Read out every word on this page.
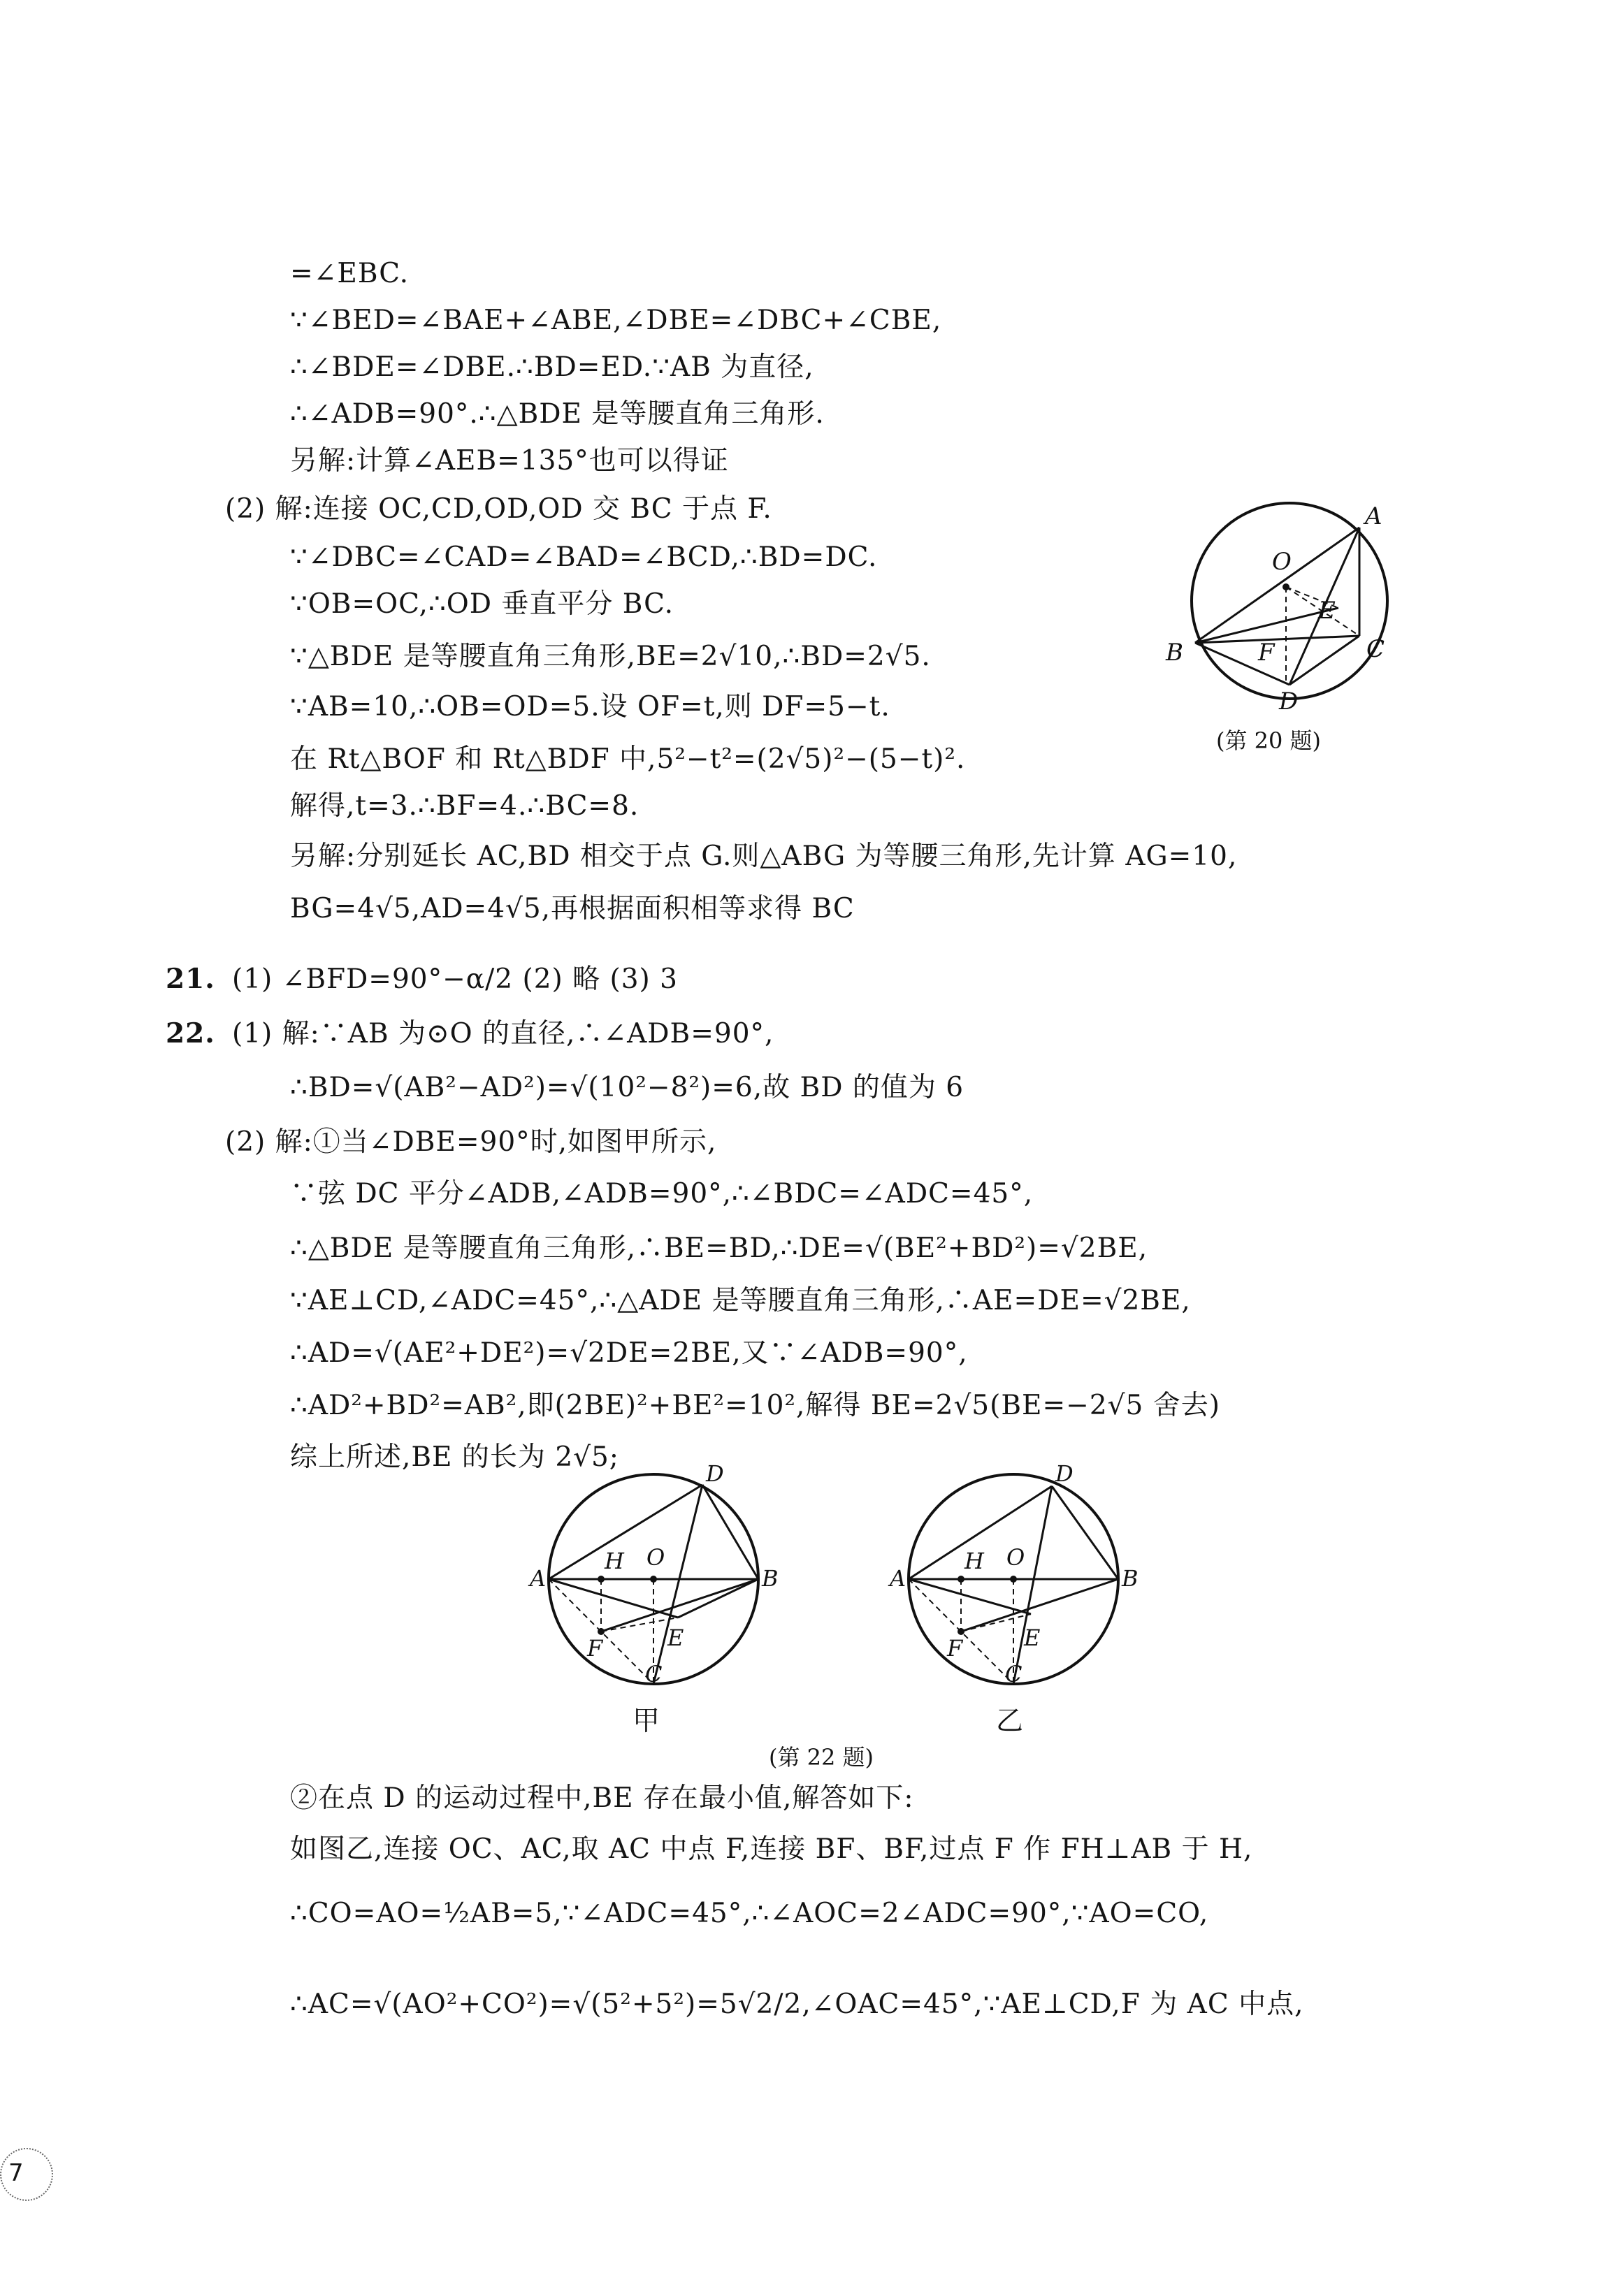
=∠EBC.
∵∠BED=∠BAE+∠ABE,∠DBE=∠DBC+∠CBE,
∴∠BDE=∠DBE.∴BD=ED.∵AB 为直径,
∴∠ADB=90°.∴△BDE 是等腰直角三角形.
另解:计算∠AEB=135°也可以得证
(2) 解:连接 OC,CD,OD,OD 交 BC 于点 F.
∵∠DBC=∠CAD=∠BAD=∠BCD,∴BD=DC.
∵OB=OC,∴OD 垂直平分 BC.
∵△BDE 是等腰直角三角形,BE=2√10,∴BD=2√5.
∵AB=10,∴OB=OD=5.设 OF=t,则 DF=5−t.
在 Rt△BOF 和 Rt△BDF 中,5²−t²=(2√5)²−(5−t)².
解得,t=3.∴BF=4.∴BC=8.
另解:分别延长 AC,BD 相交于点 G.则△ABG 为等腰三角形,先计算 AG=10,
BG=4√5,AD=4√5,再根据面积相等求得 BC
21. (1) ∠BFD=90°−α/2 (2) 略 (3) 3
22. (1) 解:∵AB 为⊙O 的直径,∴∠ADB=90°,
∴BD=√(AB²−AD²)=√(10²−8²)=6,故 BD 的值为 6
(2) 解:①当∠DBE=90°时,如图甲所示,
∵弦 DC 平分∠ADB,∠ADB=90°,∴∠BDC=∠ADC=45°,
∴△BDE 是等腰直角三角形,∴BE=BD,∴DE=√(BE²+BD²)=√2BE,
∵AE⊥CD,∠ADC=45°,∴△ADE 是等腰直角三角形,∴AE=DE=√2BE,
∴AD=√(AE²+DE²)=√2DE=2BE,又∵∠ADB=90°,
∴AD²+BD²=AB²,即(2BE)²+BE²=10²,解得 BE=2√5(BE=−2√5 舍去)
综上所述,BE 的长为 2√5;
②在点 D 的运动过程中,BE 存在最小值,解答如下:
如图乙,连接 OC、AC,取 AC 中点 F,连接 BF、BF,过点 F 作 FH⊥AB 于 H,
∴CO=AO=½AB=5,∵∠ADC=45°,∴∠AOC=2∠ADC=90°,∵AO=CO,
∴AC=√(AO²+CO²)=√(5²+5²)=5√2/2,∠OAC=45°,∵AE⊥CD,F 为 AC 中点,
A
O
E
B	F	C
D
(第 20 题)
D
H O
A	B
F	E
C
甲
D
H O
A	B
F	E
C
乙
(第 22 题)
7
